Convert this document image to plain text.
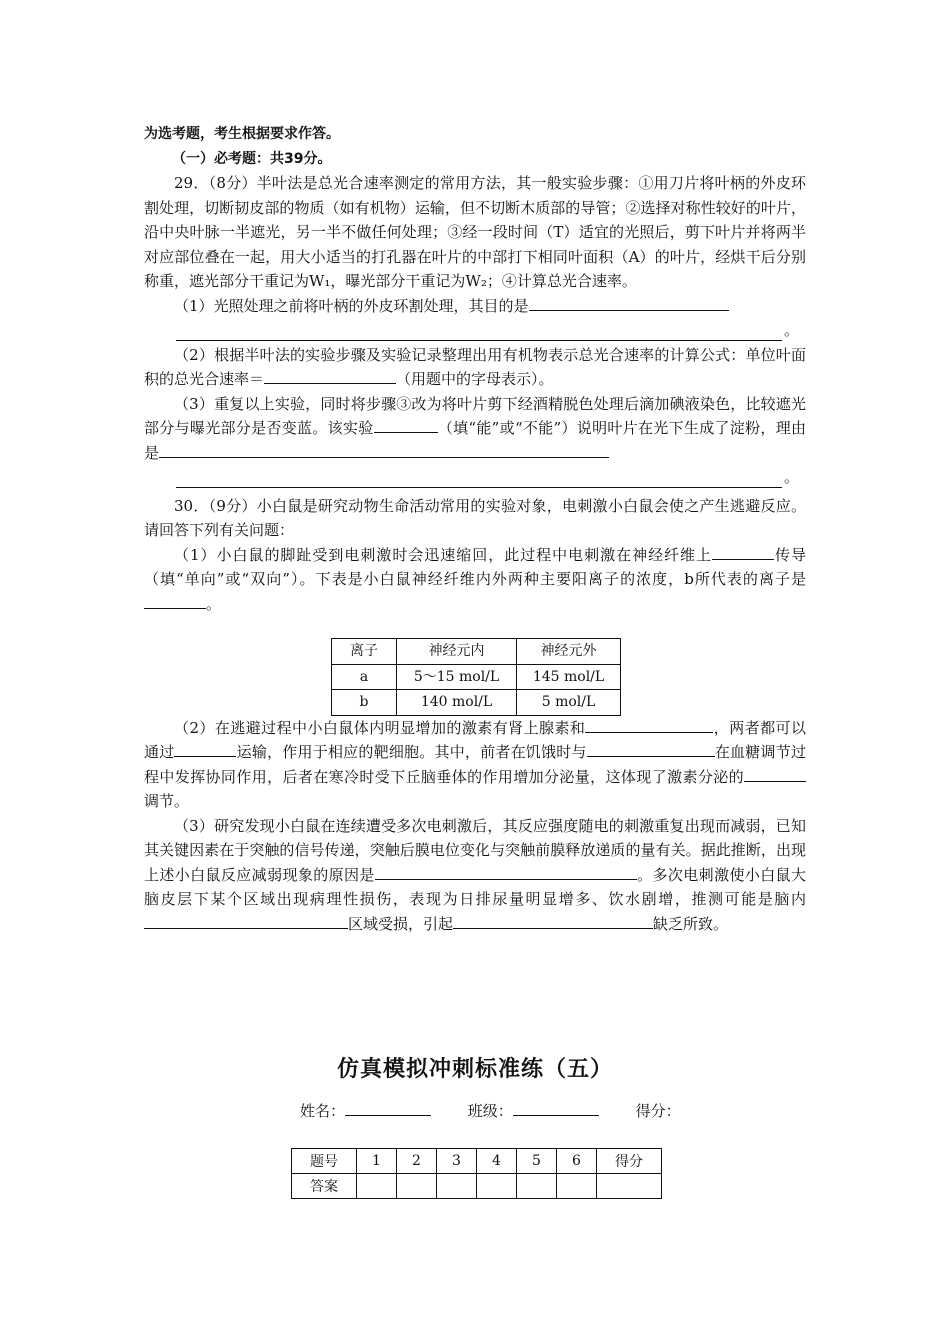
为选考题，考生根据要求作答。

（一）必考题：共39分。

29．（8分）半叶法是总光合速率测定的常用方法，其一般实验步骤：①用刀片将叶柄的外皮环割处理，切断韧皮部的物质（如有机物）运输，但不切断木质部的导管；②选择对称性较好的叶片，沿中央叶脉一半遮光，另一半不做任何处理；③经一段时间（T）适宜的光照后，剪下叶片并将两半对应部位叠在一起，用大小适当的打孔器在叶片的中部打下相同叶面积（A）的叶片，经烘干后分别称重，遮光部分干重记为W₁，曝光部分干重记为W₂；④计算总光合速率。

（1）光照处理之前将叶柄的外皮环割处理，其目的是

。

（2）根据半叶法的实验步骤及实验记录整理出用有机物表示总光合速率的计算公式：单位叶面积的总光合速率＝	（用题中的字母表示）。

（3）重复以上实验，同时将步骤③改为将叶片剪下经酒精脱色处理后滴加碘液染色，比较遮光部分与曝光部分是否变蓝。该实验	（填“能”或“不能”）说明叶片在光下生成了淀粉，理由是

。

30．（9分）小白鼠是研究动物生命活动常用的实验对象，电刺激小白鼠会使之产生逃避反应。请回答下列有关问题：

（1）小白鼠的脚趾受到电刺激时会迅速缩回，此过程中电刺激在神经纤维上	传导（填“单向”或“双向”）。下表是小白鼠神经纤维内外两种主要阳离子的浓度，b所代表的离子是。

离子	神经元内	神经元外
a	5～15 mol/L	145 mol/L
b	140 mol/L	5 mol/L

（2）在逃避过程中小白鼠体内明显增加的激素有肾上腺素和	，两者都可以通过	运输，作用于相应的靶细胞。其中，前者在饥饿时与	在血糖调节过程中发挥协同作用，后者在寒冷时受下丘脑垂体的作用增加分泌量，这体现了激素分泌的调节。

（3）研究发现小白鼠在连续遭受多次电刺激后，其反应强度随电的刺激重复出现而减弱，已知其关键因素在于突触的信号传递，突触后膜电位变化与突触前膜释放递质的量有关。据此推断，出现上述小白鼠反应减弱现象的原因是	。多次电刺激使小白鼠大脑皮层下某个区域出现病理性损伤，表现为日排尿量明显增多、饮水剧增，推测可能是脑内区域受损，引起	缺乏所致。

仿真模拟冲刺标准练（五）
姓名：	班级：	得分：
题号	1	2	3	4	5	6	得分
答案							
